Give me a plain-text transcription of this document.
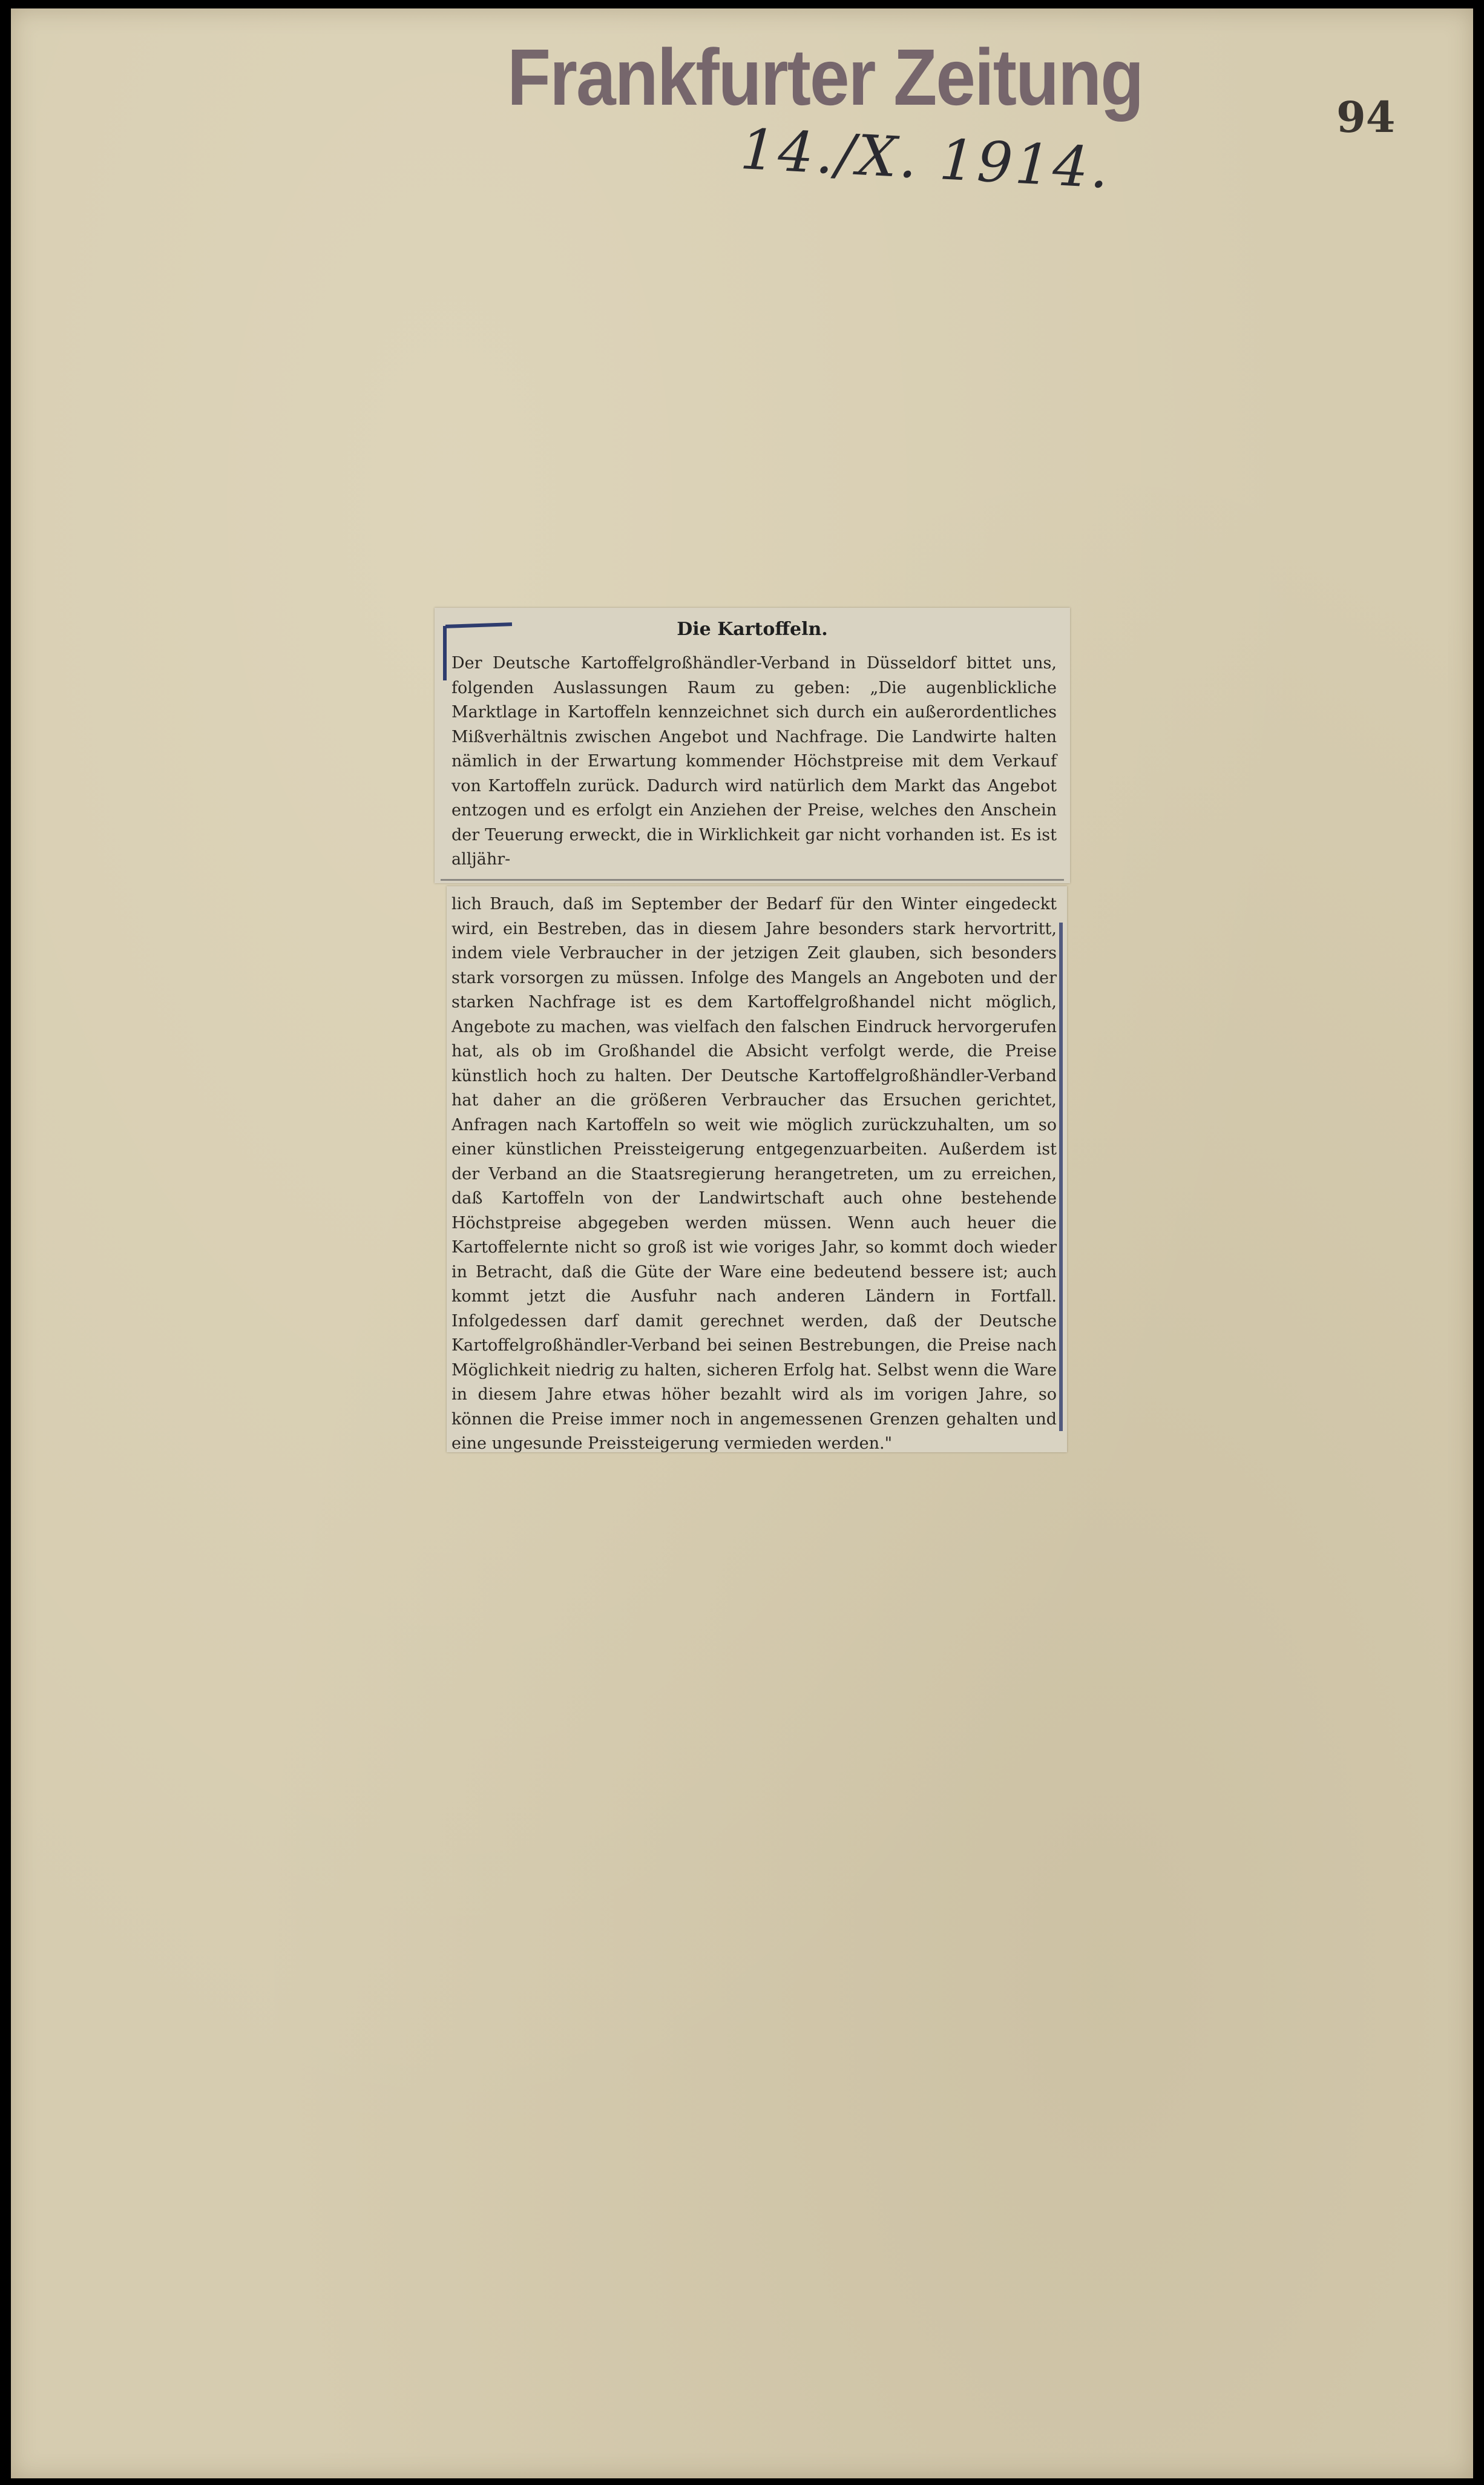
Frankfurter Zeitung
14./X. 1914.	94
Die Kartoffeln.
Der Deutsche Kartoffelgroßhändler-Verband in Düsseldorf bittet uns, folgenden Auslassungen Raum zu geben: „Die augenblickliche Marktlage in Kartoffeln kennzeichnet sich durch ein außerordentliches Mißverhältnis zwischen Angebot und Nachfrage. Die Landwirte halten nämlich in der Erwartung kommender Höchstpreise mit dem Verkauf von Kartoffeln zurück. Dadurch wird natürlich dem Markt das Angebot entzogen und es erfolgt ein Anziehen der Preise, welches den Anschein der Teuerung erweckt, die in Wirklichkeit gar nicht vorhanden ist. Es ist alljähr-
lich Brauch, daß im September der Bedarf für den Winter eingedeckt wird, ein Bestreben, das in diesem Jahre besonders stark hervortritt, indem viele Verbraucher in der jetzigen Zeit glauben, sich besonders stark vorsorgen zu müssen. Infolge des Mangels an Angeboten und der starken Nachfrage ist es dem Kartoffelgroßhandel nicht möglich, Angebote zu machen, was vielfach den falschen Eindruck hervorgerufen hat, als ob im Großhandel die Absicht verfolgt werde, die Preise künstlich hoch zu halten. Der Deutsche Kartoffelgroßhändler-Verband hat daher an die größeren Verbraucher das Ersuchen gerichtet, Anfragen nach Kartoffeln so weit wie möglich zurückzuhalten, um so einer künstlichen Preissteigerung entgegenzuarbeiten. Außerdem ist der Verband an die Staatsregierung herangetreten, um zu erreichen, daß Kartoffeln von der Landwirtschaft auch ohne bestehende Höchstpreise abgegeben werden müssen. Wenn auch heuer die Kartoffelernte nicht so groß ist wie voriges Jahr, so kommt doch wieder in Betracht, daß die Güte der Ware eine bedeutend bessere ist; auch kommt jetzt die Ausfuhr nach anderen Ländern in Fortfall. Infolgedessen darf damit gerechnet werden, daß der Deutsche Kartoffelgroßhändler-Verband bei seinen Bestrebungen, die Preise nach Möglichkeit niedrig zu halten, sicheren Erfolg hat. Selbst wenn die Ware in diesem Jahre etwas höher bezahlt wird als im vorigen Jahre, so können die Preise immer noch in angemessenen Grenzen gehalten und eine ungesunde Preissteigerung vermieden werden."
